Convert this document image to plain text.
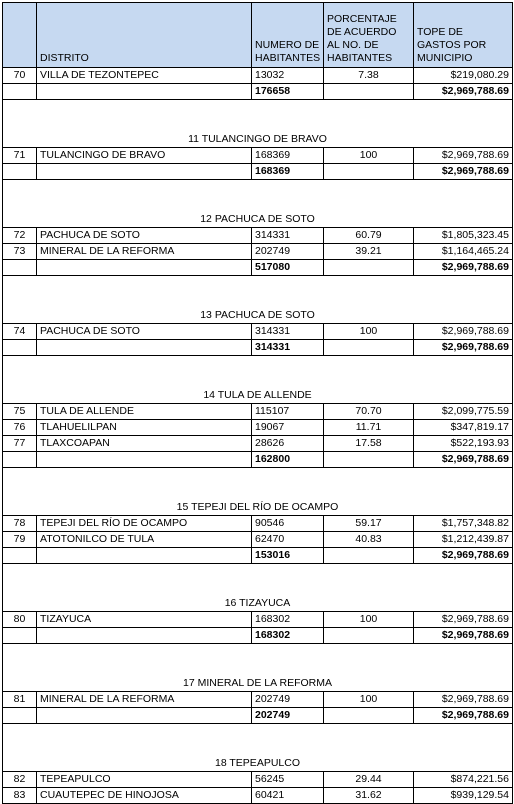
	DISTRITO	NUMERO DE HABITANTES	PORCENTAJE DE ACUERDO AL NO. DE HABITANTES	TOPE DE GASTOS POR MUNICIPIO
70	VILLA DE TEZONTEPEC	13032	7.38	$219,080.29
		176658		$2,969,788.69

11 TULANCINGO DE BRAVO				
71	TULANCINGO DE BRAVO	168369	100	$2,969,788.69
		168369		$2,969,788.69

12 PACHUCA DE SOTO				
72	PACHUCA DE SOTO	314331	60.79	$1,805,323.45
73	MINERAL DE LA REFORMA	202749	39.21	$1,164,465.24
		517080		$2,969,788.69

13 PACHUCA DE SOTO				
74	PACHUCA DE SOTO	314331	100	$2,969,788.69
		314331		$2,969,788.69

14 TULA DE ALLENDE				
75	TULA DE ALLENDE	115107	70.70	$2,099,775.59
76	TLAHUELILPAN	19067	11.71	$347,819.17
77	TLAXCOAPAN	28626	17.58	$522,193.93
		162800		$2,969,788.69

15 TEPEJI DEL RÍO DE OCAMPO				
78	TEPEJI DEL RÍO DE OCAMPO	90546	59.17	$1,757,348.82
79	ATOTONILCO DE TULA	62470	40.83	$1,212,439.87
		153016		$2,969,788.69

16 TIZAYUCA				
80	TIZAYUCA	168302	100	$2,969,788.69
		168302		$2,969,788.69

17 MINERAL DE LA REFORMA				
81	MINERAL DE LA REFORMA	202749	100	$2,969,788.69
		202749		$2,969,788.69

18 TEPEAPULCO				
82	TEPEAPULCO	56245	29.44	$874,221.56
83	CUAUTEPEC DE HINOJOSA	60421	31.62	$939,129.54
